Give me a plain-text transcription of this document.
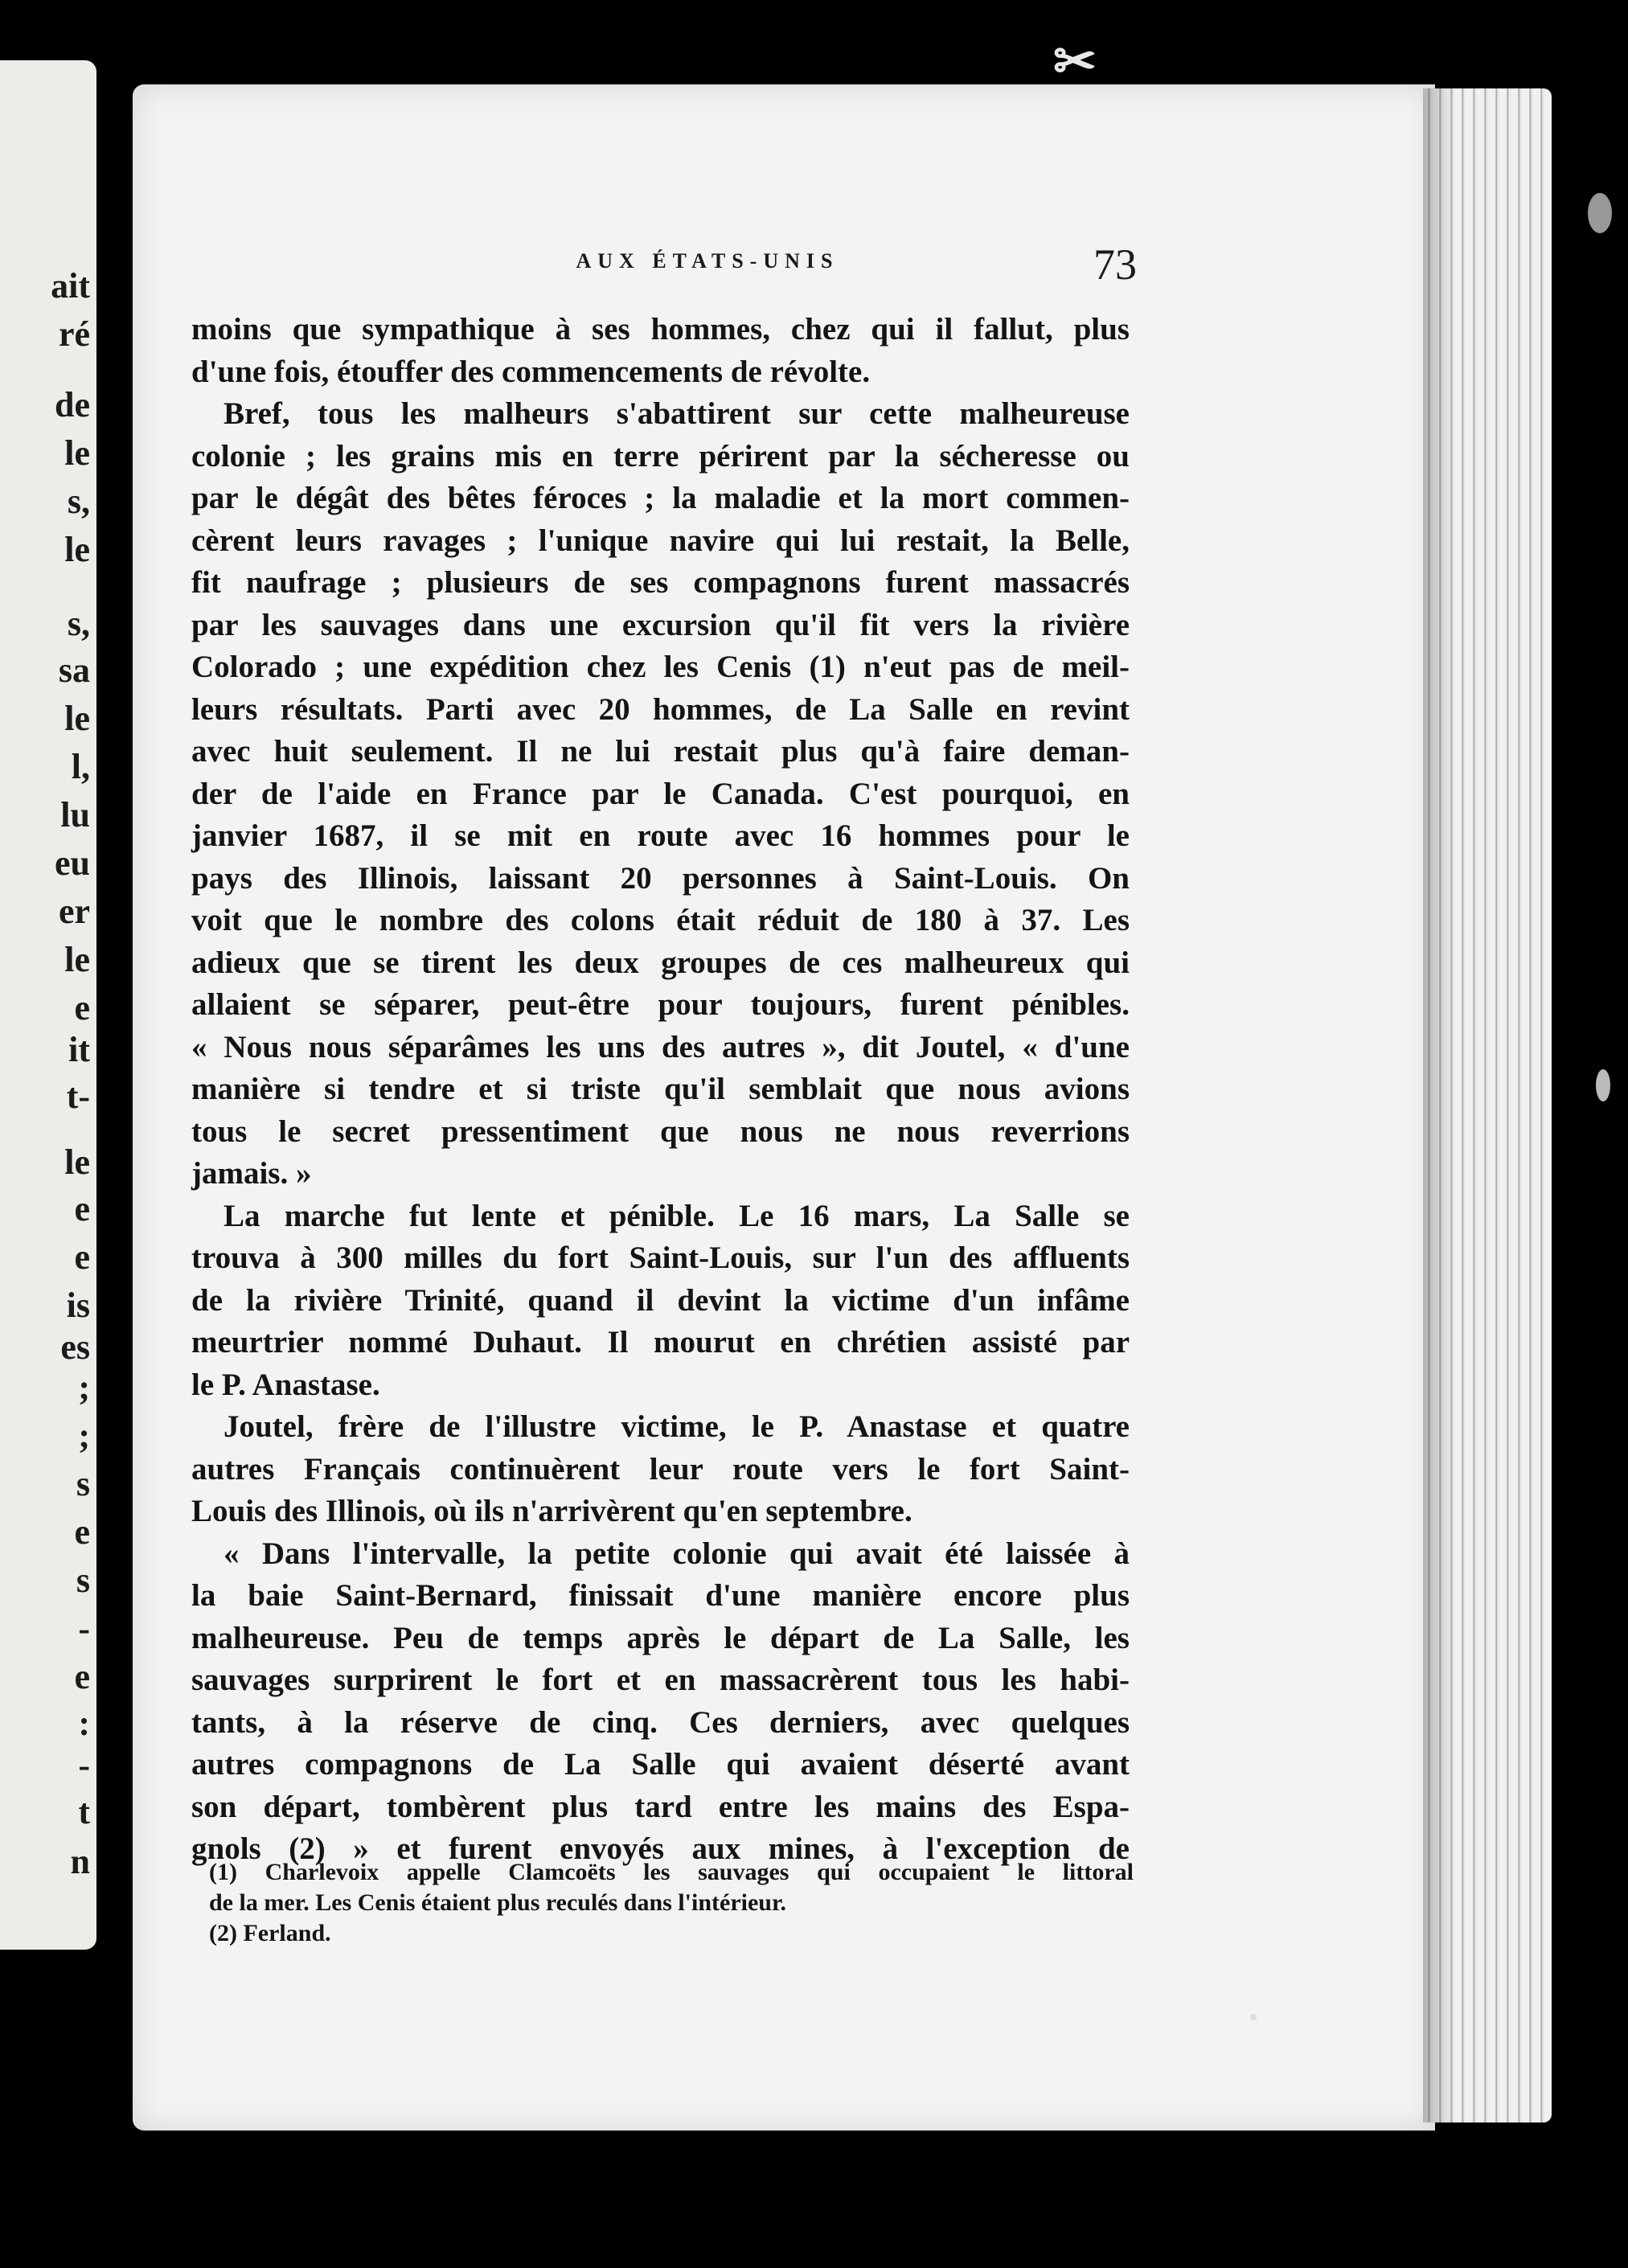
ait
ré
de
le
s,
le
s,
sa
le
l,
lu
eu
er
le
e
it
t-
le
e
e
is
es
;
;
s
e
s
-
e
:
-
t
n
✂
AUX ÉTATS-UNIS	73
moins que sympathique à ses hommes, chez qui il fallut, plus
d'une fois, étouffer des commencements de révolte.
Bref, tous les malheurs s'abattirent sur cette malheureuse
colonie ; les grains mis en terre périrent par la sécheresse ou
par le dégât des bêtes féroces ; la maladie et la mort commen-
cèrent leurs ravages ; l'unique navire qui lui restait, la Belle,
fit naufrage ; plusieurs de ses compagnons furent massacrés
par les sauvages dans une excursion qu'il fit vers la rivière
Colorado ; une expédition chez les Cenis (1) n'eut pas de meil-
leurs résultats. Parti avec 20 hommes, de La Salle en revint
avec huit seulement. Il ne lui restait plus qu'à faire deman-
der de l'aide en France par le Canada. C'est pourquoi, en
janvier 1687, il se mit en route avec 16 hommes pour le
pays des Illinois, laissant 20 personnes à Saint-Louis. On
voit que le nombre des colons était réduit de 180 à 37. Les
adieux que se tirent les deux groupes de ces malheureux qui
allaient se séparer, peut-être pour toujours, furent pénibles.
« Nous nous séparâmes les uns des autres », dit Joutel, « d'une
manière si tendre et si triste qu'il semblait que nous avions
tous le secret pressentiment que nous ne nous reverrions
jamais. »
La marche fut lente et pénible. Le 16 mars, La Salle se
trouva à 300 milles du fort Saint-Louis, sur l'un des affluents
de la rivière Trinité, quand il devint la victime d'un infâme
meurtrier nommé Duhaut. Il mourut en chrétien assisté par
le P. Anastase.
Joutel, frère de l'illustre victime, le P. Anastase et quatre
autres Français continuèrent leur route vers le fort Saint-
Louis des Illinois, où ils n'arrivèrent qu'en septembre.
« Dans l'intervalle, la petite colonie qui avait été laissée à
la baie Saint-Bernard, finissait d'une manière encore plus
malheureuse. Peu de temps après le départ de La Salle, les
sauvages surprirent le fort et en massacrèrent tous les habi-
tants, à la réserve de cinq. Ces derniers, avec quelques
autres compagnons de La Salle qui avaient déserté avant
son départ, tombèrent plus tard entre les mains des Espa-
gnols (2) » et furent envoyés aux mines, à l'exception de
(1) Charlevoix appelle Clamcoëts les sauvages qui occupaient le littoral
de la mer. Les Cenis étaient plus reculés dans l'intérieur.
(2) Ferland.
